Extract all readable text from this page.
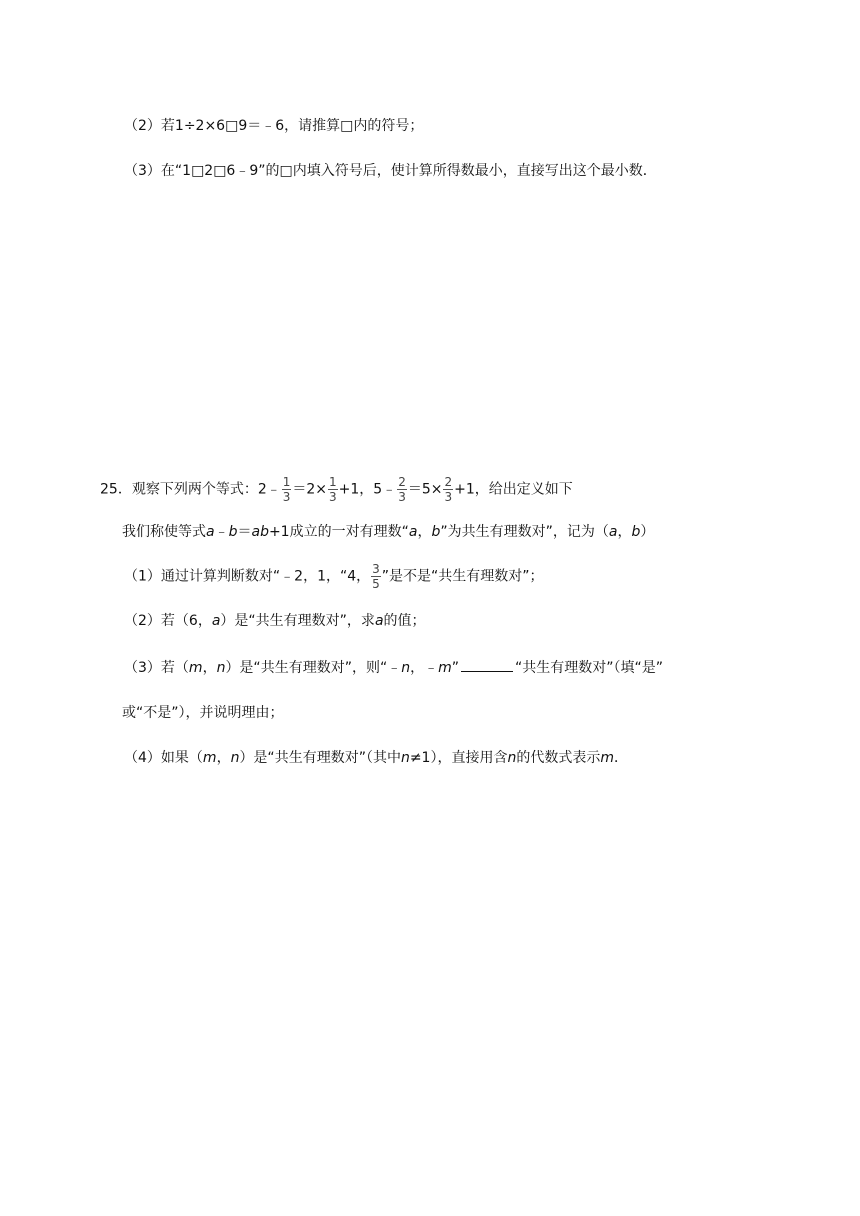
（2）若1÷2×6□9＝﹣6，请推算□内的符号；
（3）在“1□2□6﹣9”的□内填入符号后，使计算所得数最小，直接写出这个最小数．
25．观察下列两个等式：2﹣ $\frac{1}{3} =2\times \frac{1}{3} +1$，5﹣ $\frac{2}{3} =5\times \frac{2}{3} +1$，给出定义如下
我们称使等式a﹣b＝ab+1成立的一对有理数“a，b”为共生有理数对”，记为（a，b）
（1）通过计算判断数对“﹣2，1，“4， $\frac{3}{5}$ ”是不是“共生有理数对”；
（2）若（6，a）是“共生有理数对”，求a的值；
（3）若（m，n）是“共生有理数对”，则“﹣n，﹣m”	“共生有理数对”（填“是”
或“不是”），并说明理由；
（4）如果（m，n）是“共生有理数对”（其中n≠1），直接用含n的代数式表示m．
